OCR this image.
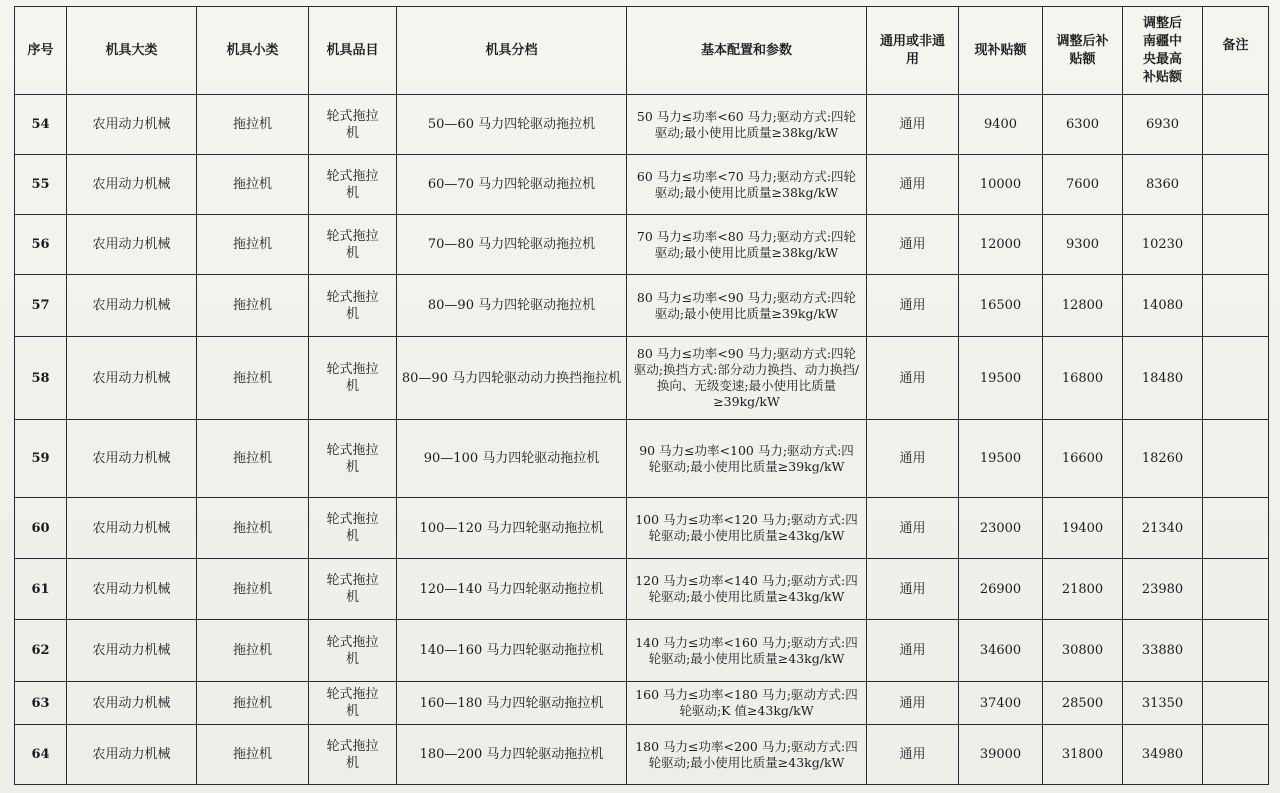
序号	机具大类	机具小类	机具品目	机具分档	基本配置和参数	通用或非通用	现补贴额	调整后补贴额	调整后南疆中央最高补贴额	备注
54	农用动力机械	拖拉机	轮式拖拉机	50—60 马力四轮驱动拖拉机	50 马力≤功率<60 马力;驱动方式:四轮驱动;最小使用比质量≥38kg/kW	通用	9400	6300	6930	
55	农用动力机械	拖拉机	轮式拖拉机	60—70 马力四轮驱动拖拉机	60 马力≤功率<70 马力;驱动方式:四轮驱动;最小使用比质量≥38kg/kW	通用	10000	7600	8360	
56	农用动力机械	拖拉机	轮式拖拉机	70—80 马力四轮驱动拖拉机	70 马力≤功率<80 马力;驱动方式:四轮驱动;最小使用比质量≥38kg/kW	通用	12000	9300	10230	
57	农用动力机械	拖拉机	轮式拖拉机	80—90 马力四轮驱动拖拉机	80 马力≤功率<90 马力;驱动方式:四轮驱动;最小使用比质量≥39kg/kW	通用	16500	12800	14080	
58	农用动力机械	拖拉机	轮式拖拉机	80—90 马力四轮驱动动力换挡拖拉机	80 马力≤功率<90 马力;驱动方式:四轮驱动;换挡方式:部分动力换挡、动力换挡/换向、无级变速;最小使用比质量≥39kg/kW	通用	19500	16800	18480	
59	农用动力机械	拖拉机	轮式拖拉机	90—100 马力四轮驱动拖拉机	90 马力≤功率<100 马力;驱动方式:四轮驱动;最小使用比质量≥39kg/kW	通用	19500	16600	18260	
60	农用动力机械	拖拉机	轮式拖拉机	100—120 马力四轮驱动拖拉机	100 马力≤功率<120 马力;驱动方式:四轮驱动;最小使用比质量≥43kg/kW	通用	23000	19400	21340	
61	农用动力机械	拖拉机	轮式拖拉机	120—140 马力四轮驱动拖拉机	120 马力≤功率<140 马力;驱动方式:四轮驱动;最小使用比质量≥43kg/kW	通用	26900	21800	23980	
62	农用动力机械	拖拉机	轮式拖拉机	140—160 马力四轮驱动拖拉机	140 马力≤功率<160 马力;驱动方式:四轮驱动;最小使用比质量≥43kg/kW	通用	34600	30800	33880	
63	农用动力机械	拖拉机	轮式拖拉机	160—180 马力四轮驱动拖拉机	160 马力≤功率<180 马力;驱动方式:四轮驱动;K 值≥43kg/kW	通用	37400	28500	31350	
64	农用动力机械	拖拉机	轮式拖拉机	180—200 马力四轮驱动拖拉机	180 马力≤功率<200 马力;驱动方式:四轮驱动;最小使用比质量≥43kg/kW	通用	39000	31800	34980	
